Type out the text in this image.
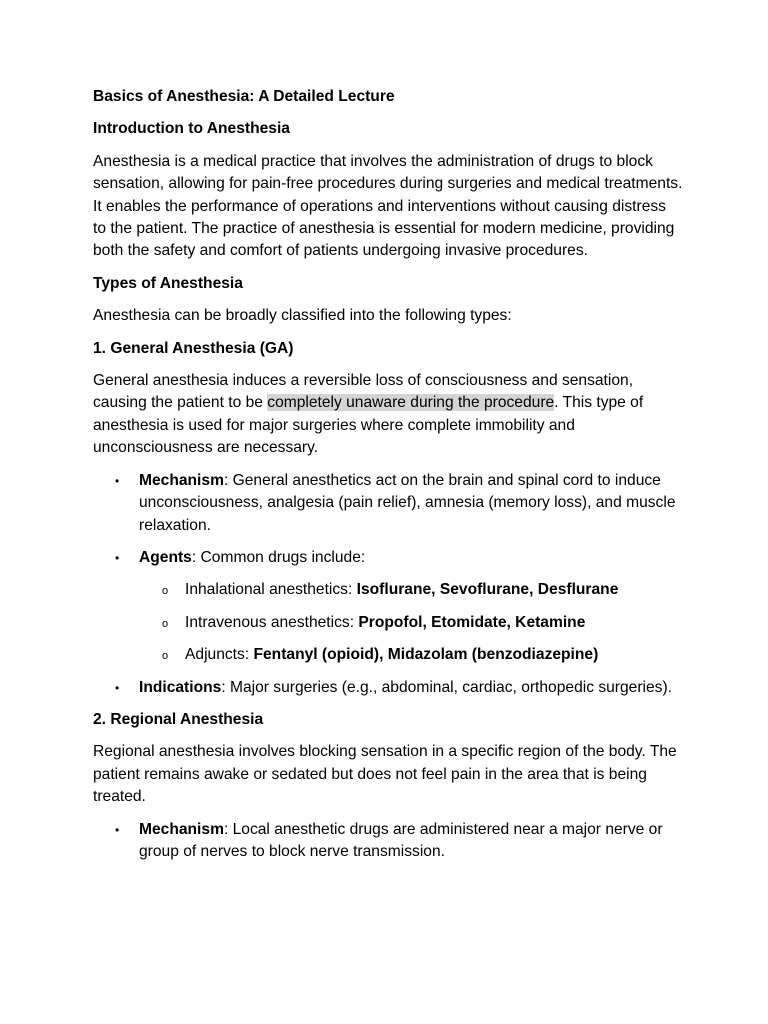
Basics of Anesthesia: A Detailed Lecture

Introduction to Anesthesia

Anesthesia is a medical practice that involves the administration of drugs to block sensation, allowing for pain-free procedures during surgeries and medical treatments. It enables the performance of operations and interventions without causing distress to the patient. The practice of anesthesia is essential for modern medicine, providing both the safety and comfort of patients undergoing invasive procedures.

Types of Anesthesia

Anesthesia can be broadly classified into the following types:

1. General Anesthesia (GA)

General anesthesia induces a reversible loss of consciousness and sensation, causing the patient to be completely unaware during the procedure. This type of anesthesia is used for major surgeries where complete immobility and unconsciousness are necessary.

• Mechanism: General anesthetics act on the brain and spinal cord to induce unconsciousness, analgesia (pain relief), amnesia (memory loss), and muscle relaxation.
• Agents: Common drugs include:
o Inhalational anesthetics: Isoflurane, Sevoflurane, Desflurane
o Intravenous anesthetics: Propofol, Etomidate, Ketamine
o Adjuncts: Fentanyl (opioid), Midazolam (benzodiazepine)
• Indications: Major surgeries (e.g., abdominal, cardiac, orthopedic surgeries).

2. Regional Anesthesia

Regional anesthesia involves blocking sensation in a specific region of the body. The patient remains awake or sedated but does not feel pain in the area that is being treated.

• Mechanism: Local anesthetic drugs are administered near a major nerve or group of nerves to block nerve transmission.
